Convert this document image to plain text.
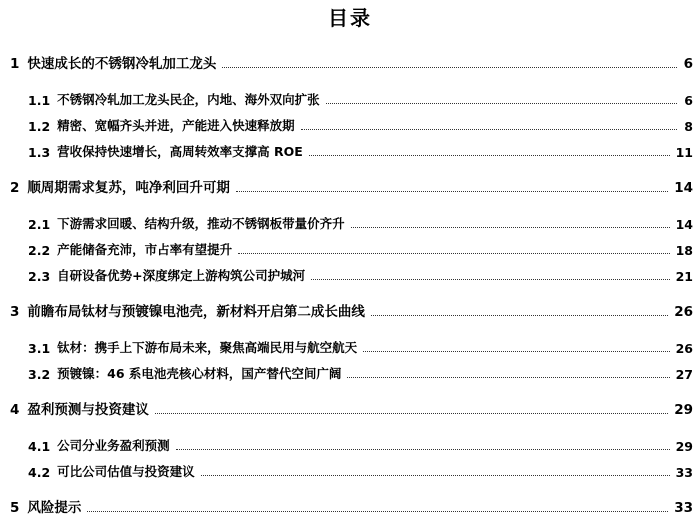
目录
1 快速成长的不锈钢冷轧加工龙头	6
1.1 不锈钢冷轧加工龙头民企，内地、海外双向扩张	6
1.2 精密、宽幅齐头并进，产能进入快速释放期	8
1.3 营收保持快速增长，高周转效率支撑高 ROE	11
2 顺周期需求复苏，吨净利回升可期	14
2.1 下游需求回暖、结构升级，推动不锈钢板带量价齐升	14
2.2 产能储备充沛，市占率有望提升	18
2.3 自研设备优势+深度绑定上游构筑公司护城河	21
3 前瞻布局钛材与预镀镍电池壳，新材料开启第二成长曲线	26
3.1 钛材：携手上下游布局未来，聚焦高端民用与航空航天	26
3.2 预镀镍：46 系电池壳核心材料，国产替代空间广阔	27
4 盈利预测与投资建议	29
4.1 公司分业务盈利预测	29
4.2 可比公司估值与投资建议	33
5 风险提示	33
